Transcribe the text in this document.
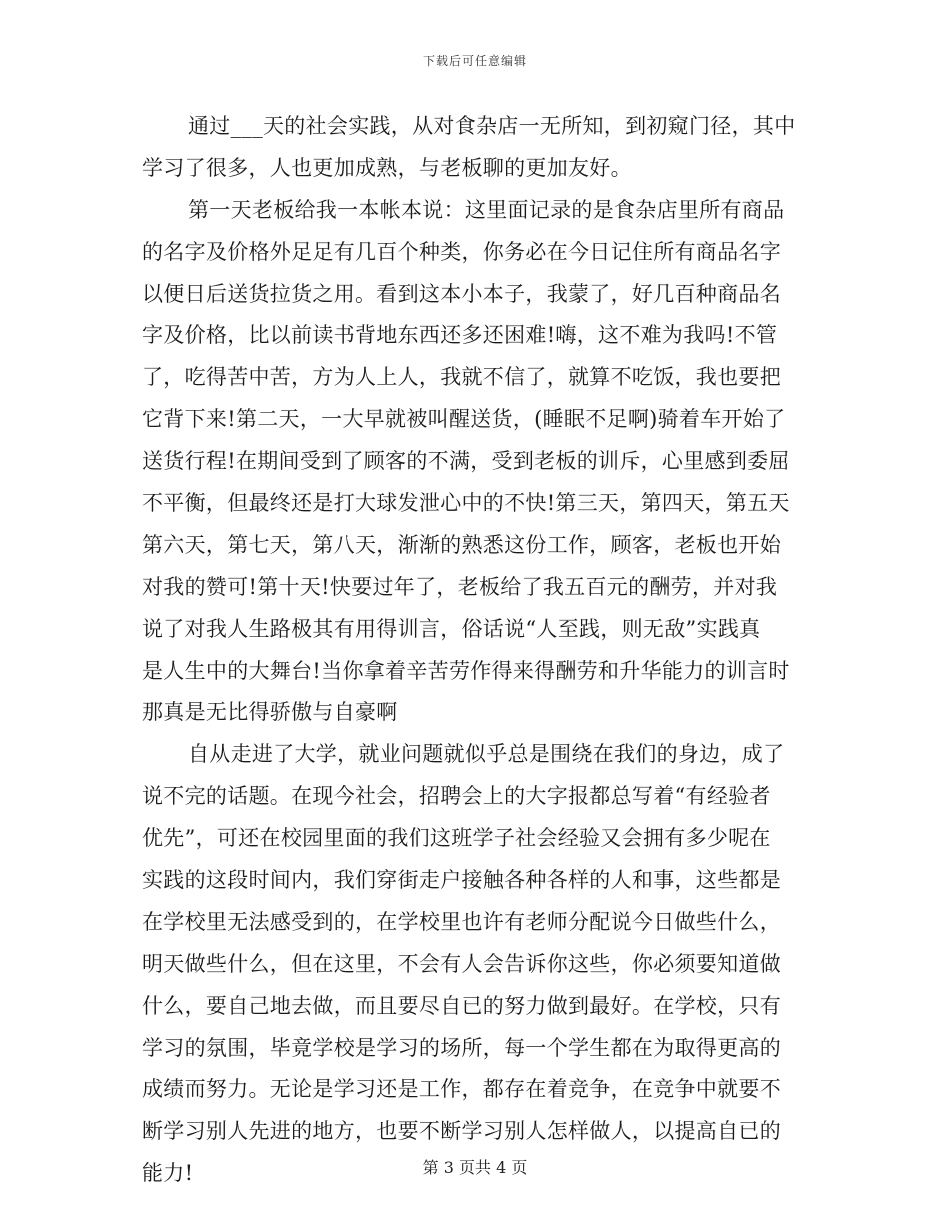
下载后可任意编辑
通过___天的社会实践，从对食杂店一无所知，到初窥门径，其中
学习了很多，人也更加成熟，与老板聊的更加友好。
第一天老板给我一本帐本说：这里面记录的是食杂店里所有商品
的名字及价格外足足有几百个种类，你务必在今日记住所有商品名字
以便日后送货拉货之用。看到这本小本子，我蒙了，好几百种商品名
字及价格，比以前读书背地东西还多还困难!嗨，这不难为我吗!不管
了，吃得苦中苦，方为人上人，我就不信了，就算不吃饭，我也要把
它背下来!第二天，一大早就被叫醒送货，(睡眠不足啊)骑着车开始了
送货行程!在期间受到了顾客的不满，受到老板的训斥，心里感到委屈
不平衡，但最终还是打大球发泄心中的不快!第三天，第四天，第五天
第六天，第七天，第八天，渐渐的熟悉这份工作，顾客，老板也开始
对我的赞可!第十天!快要过年了，老板给了我五百元的酬劳，并对我
说了对我人生路极其有用得训言，俗话说“人至践，则无敌”实践真
是人生中的大舞台!当你拿着辛苦劳作得来得酬劳和升华能力的训言时
那真是无比得骄傲与自豪啊
自从走进了大学，就业问题就似乎总是围绕在我们的身边，成了
说不完的话题。在现今社会，招聘会上的大字报都总写着“有经验者
优先”，可还在校园里面的我们这班学子社会经验又会拥有多少呢在
实践的这段时间内，我们穿街走户接触各种各样的人和事，这些都是
在学校里无法感受到的，在学校里也许有老师分配说今日做些什么，
明天做些什么，但在这里，不会有人会告诉你这些，你必须要知道做
什么，要自己地去做，而且要尽自已的努力做到最好。在学校，只有
学习的氛围，毕竟学校是学习的场所，每一个学生都在为取得更高的
成绩而努力。无论是学习还是工作，都存在着竞争，在竞争中就要不
断学习别人先进的地方，也要不断学习别人怎样做人，以提高自已的
能力!	第 3 页共 4 页
